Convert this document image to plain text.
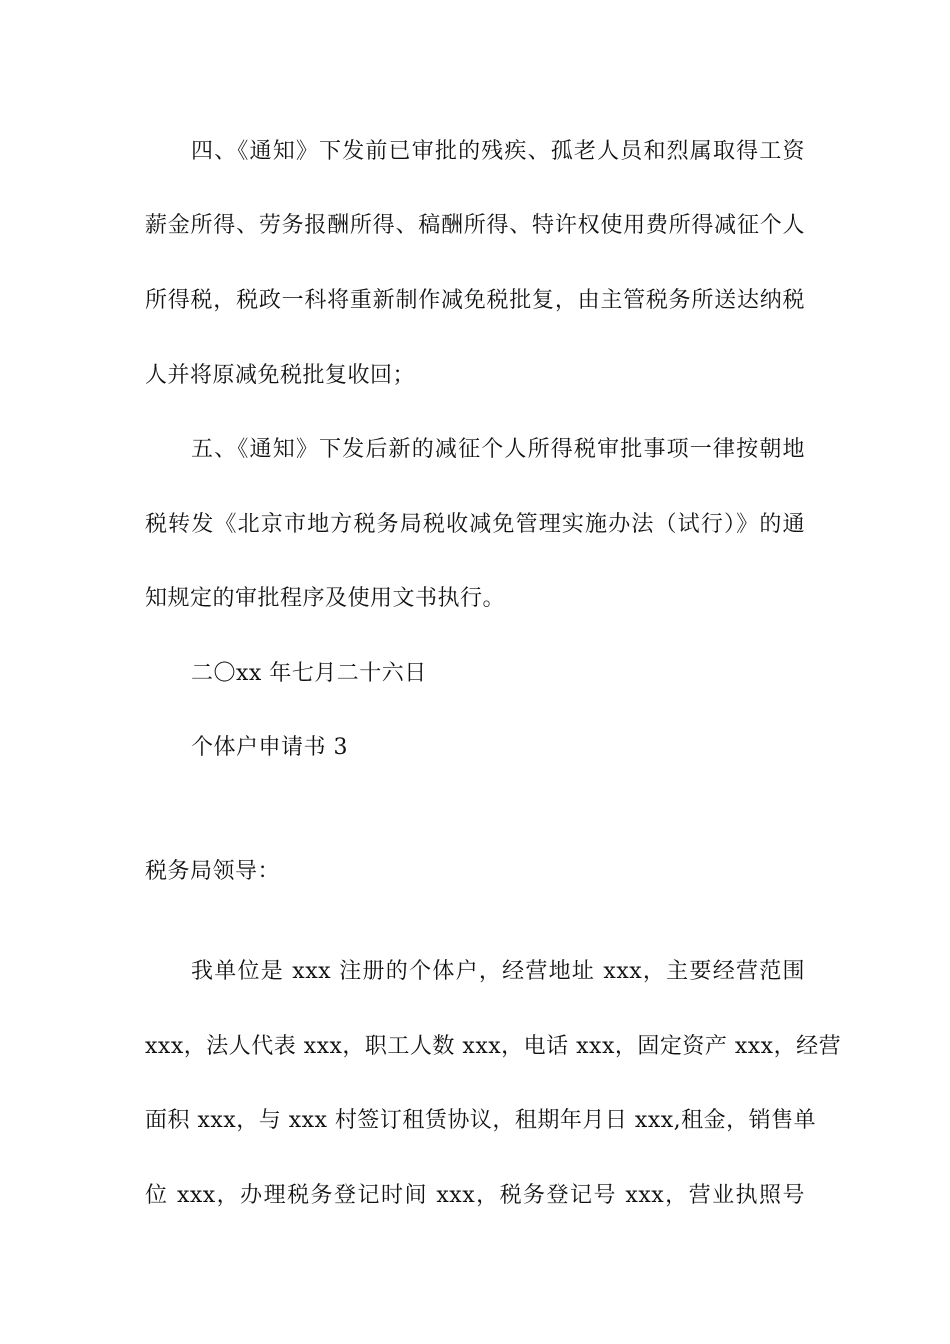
四、《通知》下发前已审批的残疾、孤老人员和烈属取得工资
薪金所得、劳务报酬所得、稿酬所得、特许权使用费所得减征个人
所得税，税政一科将重新制作减免税批复，由主管税务所送达纳税
人并将原减免税批复收回；
五、《通知》下发后新的减征个人所得税审批事项一律按朝地
税转发《北京市地方税务局税收减免管理实施办法（试行）》的通
知规定的审批程序及使用文书执行。
二〇xx 年七月二十六日
个体户申请书 3
税务局领导：
我单位是 xxx 注册的个体户，经营地址 xxx，主要经营范围
xxx，法人代表 xxx，职工人数 xxx，电话 xxx，固定资产 xxx，经营
面积 xxx，与 xxx 村签订租赁协议，租期年月日 xxx,租金，销售单
位 xxx，办理税务登记时间 xxx，税务登记号 xxx，营业执照号
